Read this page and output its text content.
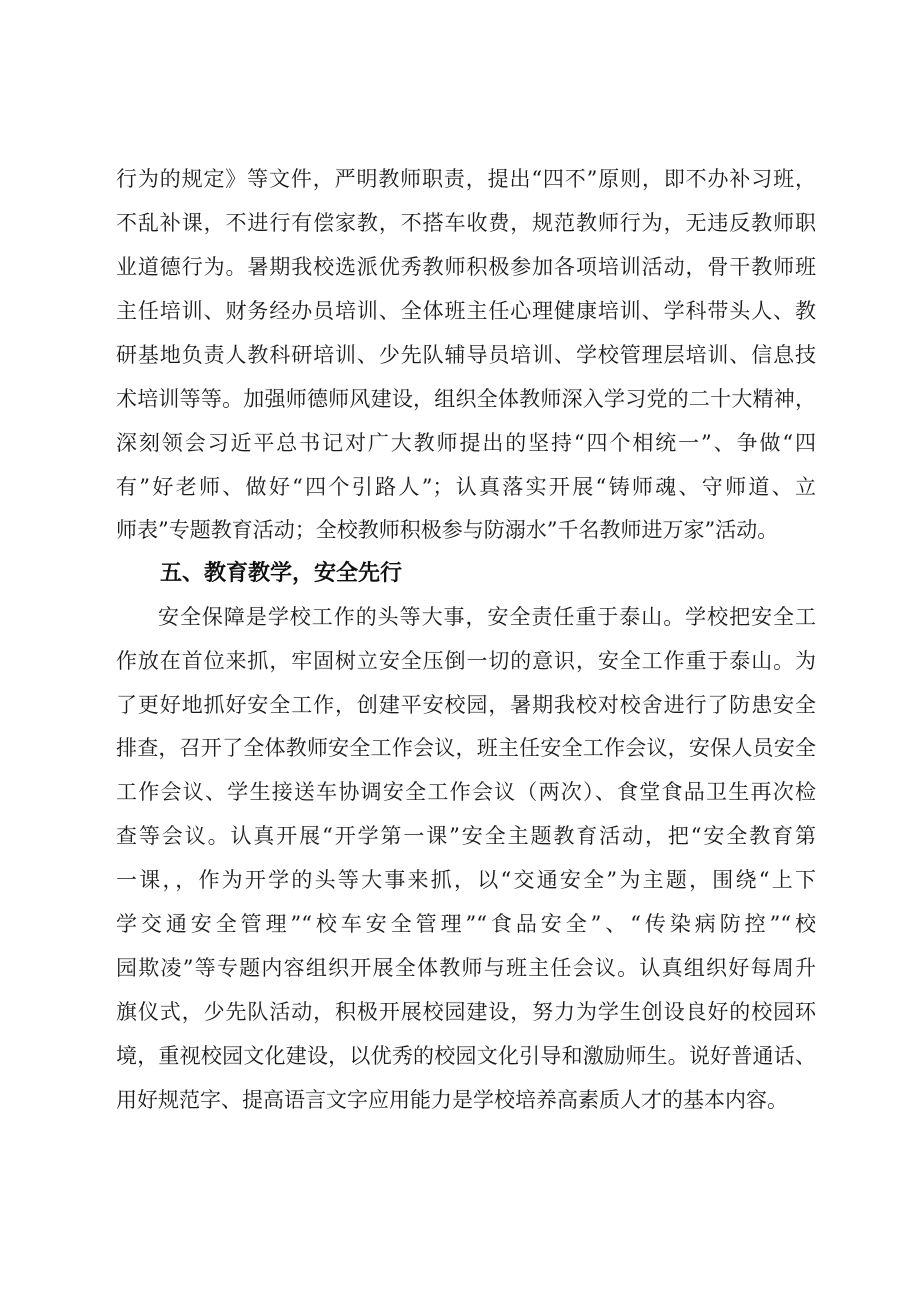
行为的规定》等文件，严明教师职责，提出“四不”原则，即不办补习班，
不乱补课，不进行有偿家教，不搭车收费，规范教师行为，无违反教师职
业道德行为。暑期我校选派优秀教师积极参加各项培训活动，骨干教师班
主任培训、财务经办员培训、全体班主任心理健康培训、学科带头人、教
研基地负责人教科研培训、少先队辅导员培训、学校管理层培训、信息技
术培训等等。加强师德师风建设，组织全体教师深入学习党的二十大精神，
深刻领会习近平总书记对广大教师提出的坚持“四个相统一”、争做“四
有”好老师、做好“四个引路人”；认真落实开展“铸师魂、守师道、立
师表”专题教育活动；全校教师积极参与防溺水”千名教师进万家”活动。
五、教育教学，安全先行
安全保障是学校工作的头等大事，安全责任重于泰山。学校把安全工
作放在首位来抓，牢固树立安全压倒一切的意识，安全工作重于泰山。为
了更好地抓好安全工作，创建平安校园，暑期我校对校舍进行了防患安全
排查，召开了全体教师安全工作会议，班主任安全工作会议，安保人员安全
工作会议、学生接送车协调安全工作会议（两次）、食堂食品卫生再次检
查等会议。认真开展“开学第一课”安全主题教育活动，把“安全教育第
一课，，作为开学的头等大事来抓，以“交通安全”为主题，围绕“上下
学交通安全管理”“校车安全管理”“食品安全”、“传染病防控”“校
园欺凌”等专题内容组织开展全体教师与班主任会议。认真组织好每周升
旗仪式，少先队活动，积极开展校园建设，努力为学生创设良好的校园环
境，重视校园文化建设，以优秀的校园文化引导和激励师生。说好普通话、
用好规范字、提高语言文字应用能力是学校培养高素质人才的基本内容。
